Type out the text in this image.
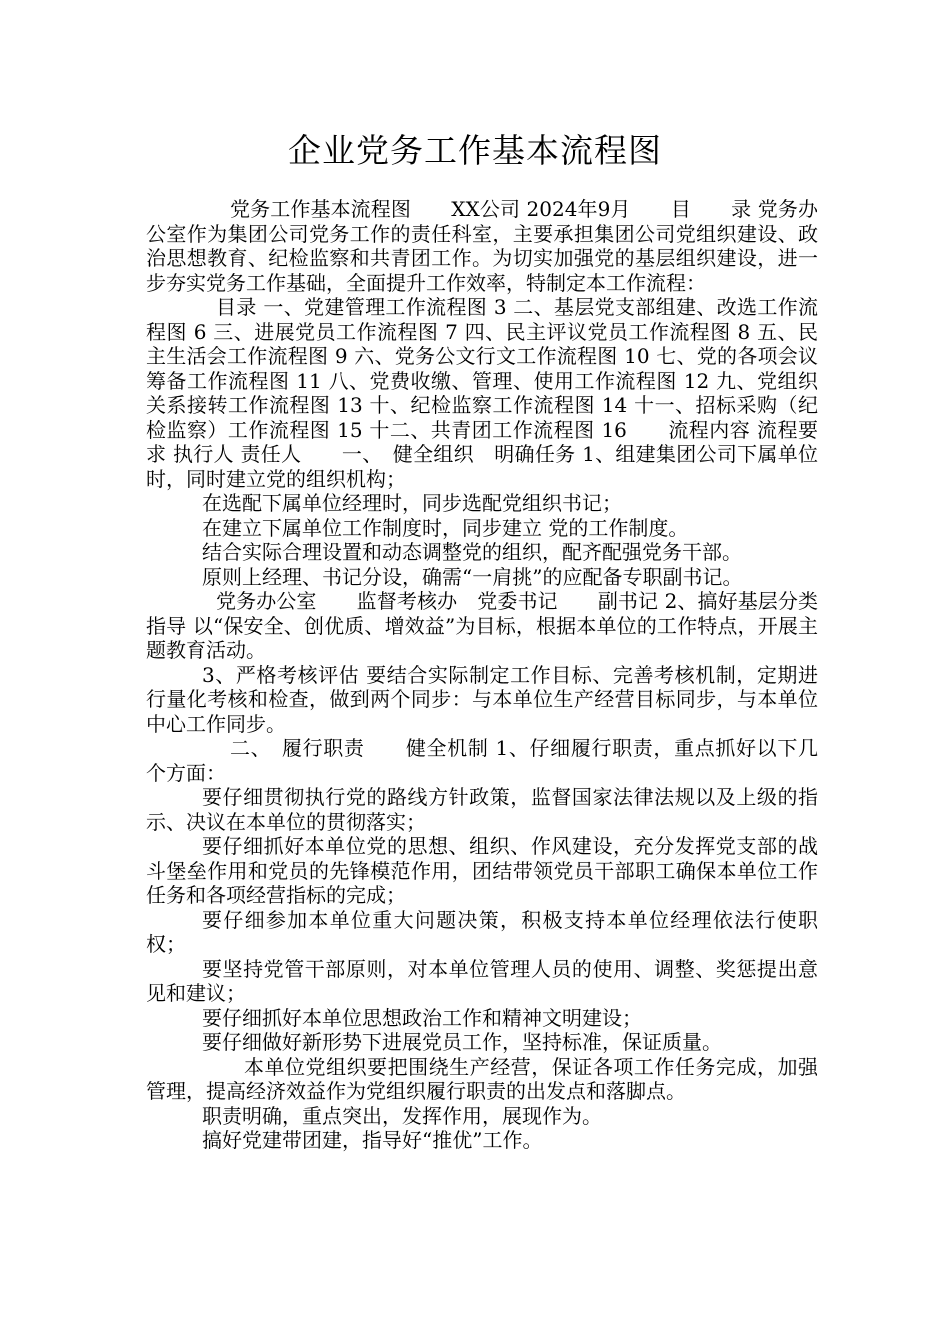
企业党务工作基本流程图

党务工作基本流程图　　XX公司 2024年9月　　目　　录 党务办公室作为集团公司党务工作的责任科室，主要承担集团公司党组织建设、政治思想教育、纪检监察和共青团工作。为切实加强党的基层组织建设，进一步夯实党务工作基础，全面提升工作效率，特制定本工作流程：

目录 一、党建管理工作流程图 3 二、基层党支部组建、改选工作流程图 6 三、进展党员工作流程图 7 四、民主评议党员工作流程图 8 五、民主生活会工作流程图 9 六、党务公文行文工作流程图 10 七、党的各项会议筹备工作流程图 11 八、党费收缴、管理、使用工作流程图 12 九、党组织关系接转工作流程图 13 十、纪检监察工作流程图 14 十一、招标采购（纪检监察）工作流程图 15 十二、共青团工作流程图 16　　流程内容 流程要求 执行人 责任人　　一、　健全组织　明确任务 1、组建集团公司下属单位时，同时建立党的组织机构；

在选配下属单位经理时，同步选配党组织书记；

在建立下属单位工作制度时，同步建立 党的工作制度。

结合实际合理设置和动态调整党的组织，配齐配强党务干部。

原则上经理、书记分设，确需“一肩挑”的应配备专职副书记。

党务办公室　　监督考核办　党委书记　　副书记 2、搞好基层分类指导 以“保安全、创优质、增效益”为目标，根据本单位的工作特点，开展主题教育活动。

3、严格考核评估 要结合实际制定工作目标、完善考核机制，定期进行量化考核和检查，做到两个同步：与本单位生产经营目标同步，与本单位中心工作同步。

二、　履行职责　　健全机制 1、仔细履行职责，重点抓好以下几个方面：

要仔细贯彻执行党的路线方针政策，监督国家法律法规以及上级的指示、决议在本单位的贯彻落实；

要仔细抓好本单位党的思想、组织、作风建设，充分发挥党支部的战斗堡垒作用和党员的先锋模范作用，团结带领党员干部职工确保本单位工作任务和各项经营指标的完成；

要仔细参加本单位重大问题决策，积极支持本单位经理依法行使职权；

要坚持党管干部原则，对本单位管理人员的使用、调整、奖惩提出意见和建议；

要仔细抓好本单位思想政治工作和精神文明建设；

要仔细做好新形势下进展党员工作，坚持标准，保证质量。

本单位党组织要把围绕生产经营，保证各项工作任务完成，加强管理，提高经济效益作为党组织履行职责的出发点和落脚点。

职责明确，重点突出，发挥作用，展现作为。

搞好党建带团建，指导好“推优”工作。
